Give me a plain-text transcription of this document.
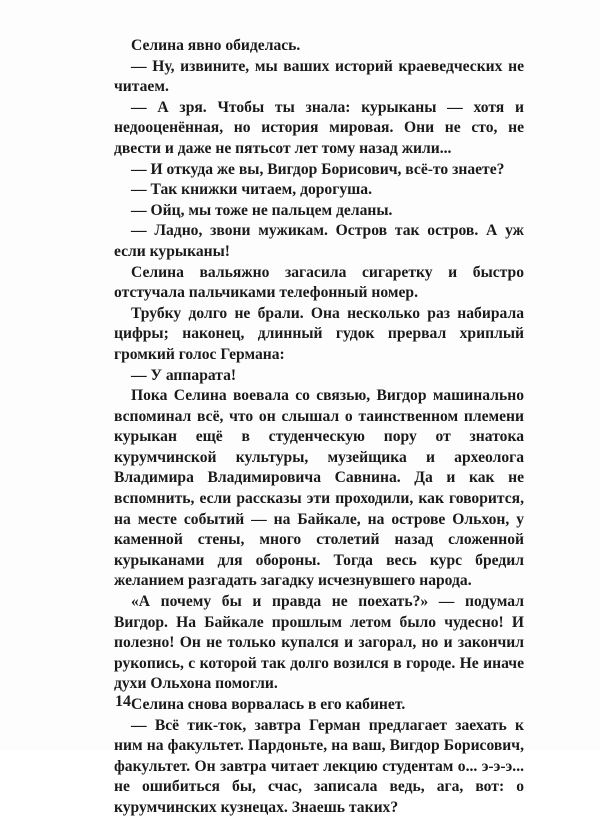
Селина явно обиделась.

— Ну, извините, мы ваших историй краеведческих не читаем.

— А зря. Чтобы ты знала: курыканы — хотя и недооценённая, но история мировая. Они не сто, не двести и даже не пятьсот лет тому назад жили...

— И откуда же вы, Вигдор Борисович, всё-то знаете?

— Так книжки читаем, дорогуша.

— Ойц, мы тоже не пальцем деланы.

— Ладно, звони мужикам. Остров так остров. А уж если курыканы!

Селина вальяжно загасила сигаретку и быстро отстучала пальчиками телефонный номер.

Трубку долго не брали. Она несколько раз набирала цифры; наконец, длинный гудок прервал хриплый громкий голос Германа:

— У аппарата!

Пока Селина воевала со связью, Вигдор машинально вспоминал всё, что он слышал о таинственном племени курыкан ещё в студенческую пору от знатока курумчинской культуры, музейщика и археолога Владимира Владимировича Савнина. Да и как не вспомнить, если рассказы эти проходили, как говорится, на месте событий — на Байкале, на острове Ольхон, у каменной стены, много столетий назад сложенной курыканами для обороны. Тогда весь курс бредил желанием разгадать загадку исчезнувшего народа.

«А почему бы и правда не поехать?» — подумал Вигдор. На Байкале прошлым летом было чудесно! И полезно! Он не только купался и загорал, но и закончил рукопись, с которой так долго возился в городе. Не иначе духи Ольхона помогли.

Селина снова ворвалась в его кабинет.

— Всё тик-ток, завтра Герман предлагает заехать к ним на факультет. Пардоньте, на ваш, Вигдор Борисович, факультет. Он завтра читает лекцию студентам о... э-э-э... не ошибиться бы, счас, записала ведь, ага, вот: о курумчинских кузнецах. Знаешь таких?

14
